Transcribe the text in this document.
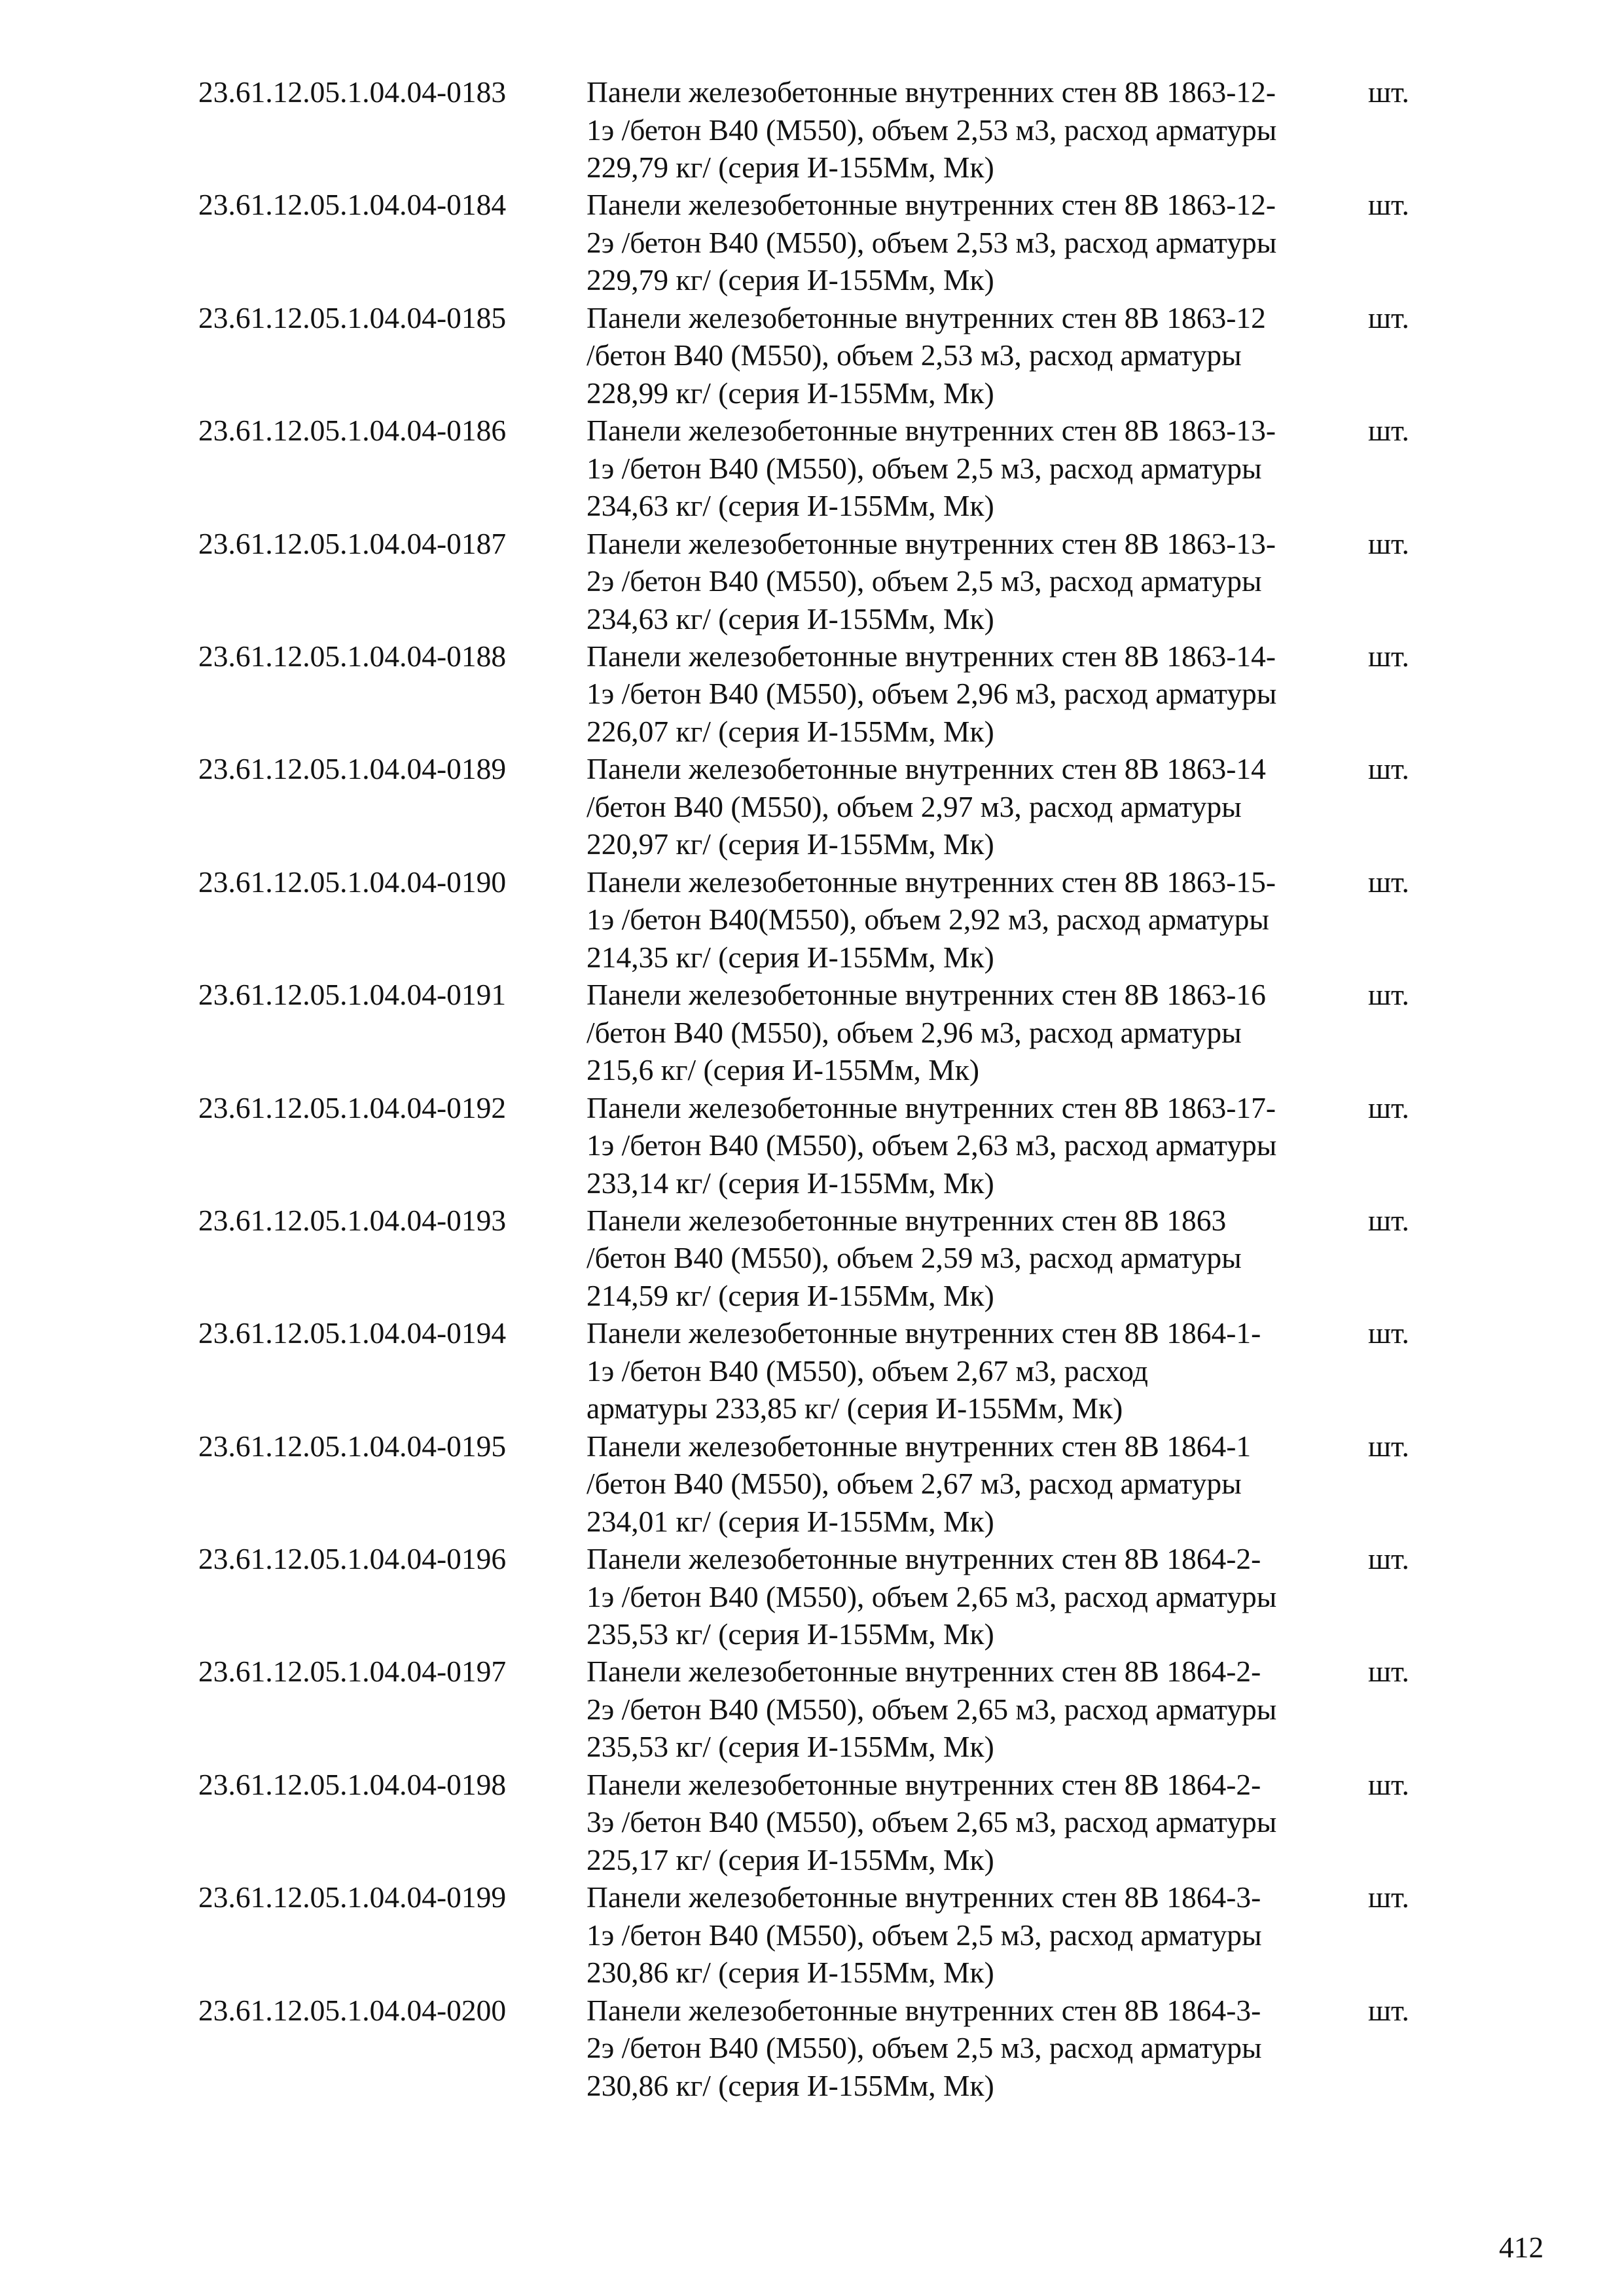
23.61.12.05.1.04.04-0183	Панели железобетонные внутренних стен 8В 1863-12-
1э /бетон В40 (М550), объем 2,53 м3, расход арматуры
229,79 кг/ (серия И-155Мм, Мк)
шт.
23.61.12.05.1.04.04-0184	Панели железобетонные внутренних стен 8В 1863-12-
2э /бетон В40 (М550), объем 2,53 м3, расход арматуры
229,79 кг/ (серия И-155Мм, Мк)
шт.
23.61.12.05.1.04.04-0185	Панели железобетонные внутренних стен 8В 1863-12
/бетон В40 (М550), объем 2,53 м3, расход арматуры
228,99 кг/ (серия И-155Мм, Мк)
шт.
23.61.12.05.1.04.04-0186	Панели железобетонные внутренних стен 8В 1863-13-
1э /бетон В40 (М550), объем 2,5 м3, расход арматуры
234,63 кг/ (серия И-155Мм, Мк)
шт.
23.61.12.05.1.04.04-0187	Панели железобетонные внутренних стен 8В 1863-13-
2э /бетон В40 (М550), объем 2,5 м3, расход арматуры
234,63 кг/ (серия И-155Мм, Мк)
шт.
23.61.12.05.1.04.04-0188	Панели железобетонные внутренних стен 8В 1863-14-
1э /бетон В40 (М550), объем 2,96 м3, расход арматуры
226,07 кг/ (серия И-155Мм, Мк)
шт.
23.61.12.05.1.04.04-0189	Панели железобетонные внутренних стен 8В 1863-14
/бетон В40 (М550), объем 2,97 м3, расход арматуры
220,97 кг/ (серия И-155Мм, Мк)
шт.
23.61.12.05.1.04.04-0190	Панели железобетонные внутренних стен 8В 1863-15-
1э /бетон В40(М550), объем 2,92 м3, расход арматуры
214,35 кг/ (серия И-155Мм, Мк)
шт.
23.61.12.05.1.04.04-0191	Панели железобетонные внутренних стен 8В 1863-16
/бетон В40 (М550), объем 2,96 м3, расход арматуры
215,6 кг/ (серия И-155Мм, Мк)
шт.
23.61.12.05.1.04.04-0192	Панели железобетонные внутренних стен 8В 1863-17-
1э /бетон В40 (М550), объем 2,63 м3, расход арматуры
233,14 кг/ (серия И-155Мм, Мк)
шт.
23.61.12.05.1.04.04-0193	Панели железобетонные внутренних стен 8В 1863
/бетон В40 (М550), объем 2,59 м3, расход арматуры
214,59 кг/ (серия И-155Мм, Мк)
шт.
23.61.12.05.1.04.04-0194	Панели железобетонные внутренних стен 8В 1864-1-
1э /бетон В40 (М550), объем 2,67 м3, расход
арматуры 233,85 кг/ (серия И-155Мм, Мк)
шт.
23.61.12.05.1.04.04-0195	Панели железобетонные внутренних стен 8В 1864-1
/бетон В40 (М550), объем 2,67 м3, расход арматуры
234,01 кг/ (серия И-155Мм, Мк)
шт.
23.61.12.05.1.04.04-0196	Панели железобетонные внутренних стен 8В 1864-2-
1э /бетон В40 (М550), объем 2,65 м3, расход арматуры
235,53 кг/ (серия И-155Мм, Мк)
шт.
23.61.12.05.1.04.04-0197	Панели железобетонные внутренних стен 8В 1864-2-
2э /бетон В40 (М550), объем 2,65 м3, расход арматуры
235,53 кг/ (серия И-155Мм, Мк)
шт.
23.61.12.05.1.04.04-0198	Панели железобетонные внутренних стен 8В 1864-2-
3э /бетон В40 (М550), объем 2,65 м3, расход арматуры
225,17 кг/ (серия И-155Мм, Мк)
шт.
23.61.12.05.1.04.04-0199	Панели железобетонные внутренних стен 8В 1864-3-
1э /бетон В40 (М550), объем 2,5 м3, расход арматуры
230,86 кг/ (серия И-155Мм, Мк)
шт.
23.61.12.05.1.04.04-0200	Панели железобетонные внутренних стен 8В 1864-3-
2э /бетон В40 (М550), объем 2,5 м3, расход арматуры
230,86 кг/ (серия И-155Мм, Мк)
шт.
412
